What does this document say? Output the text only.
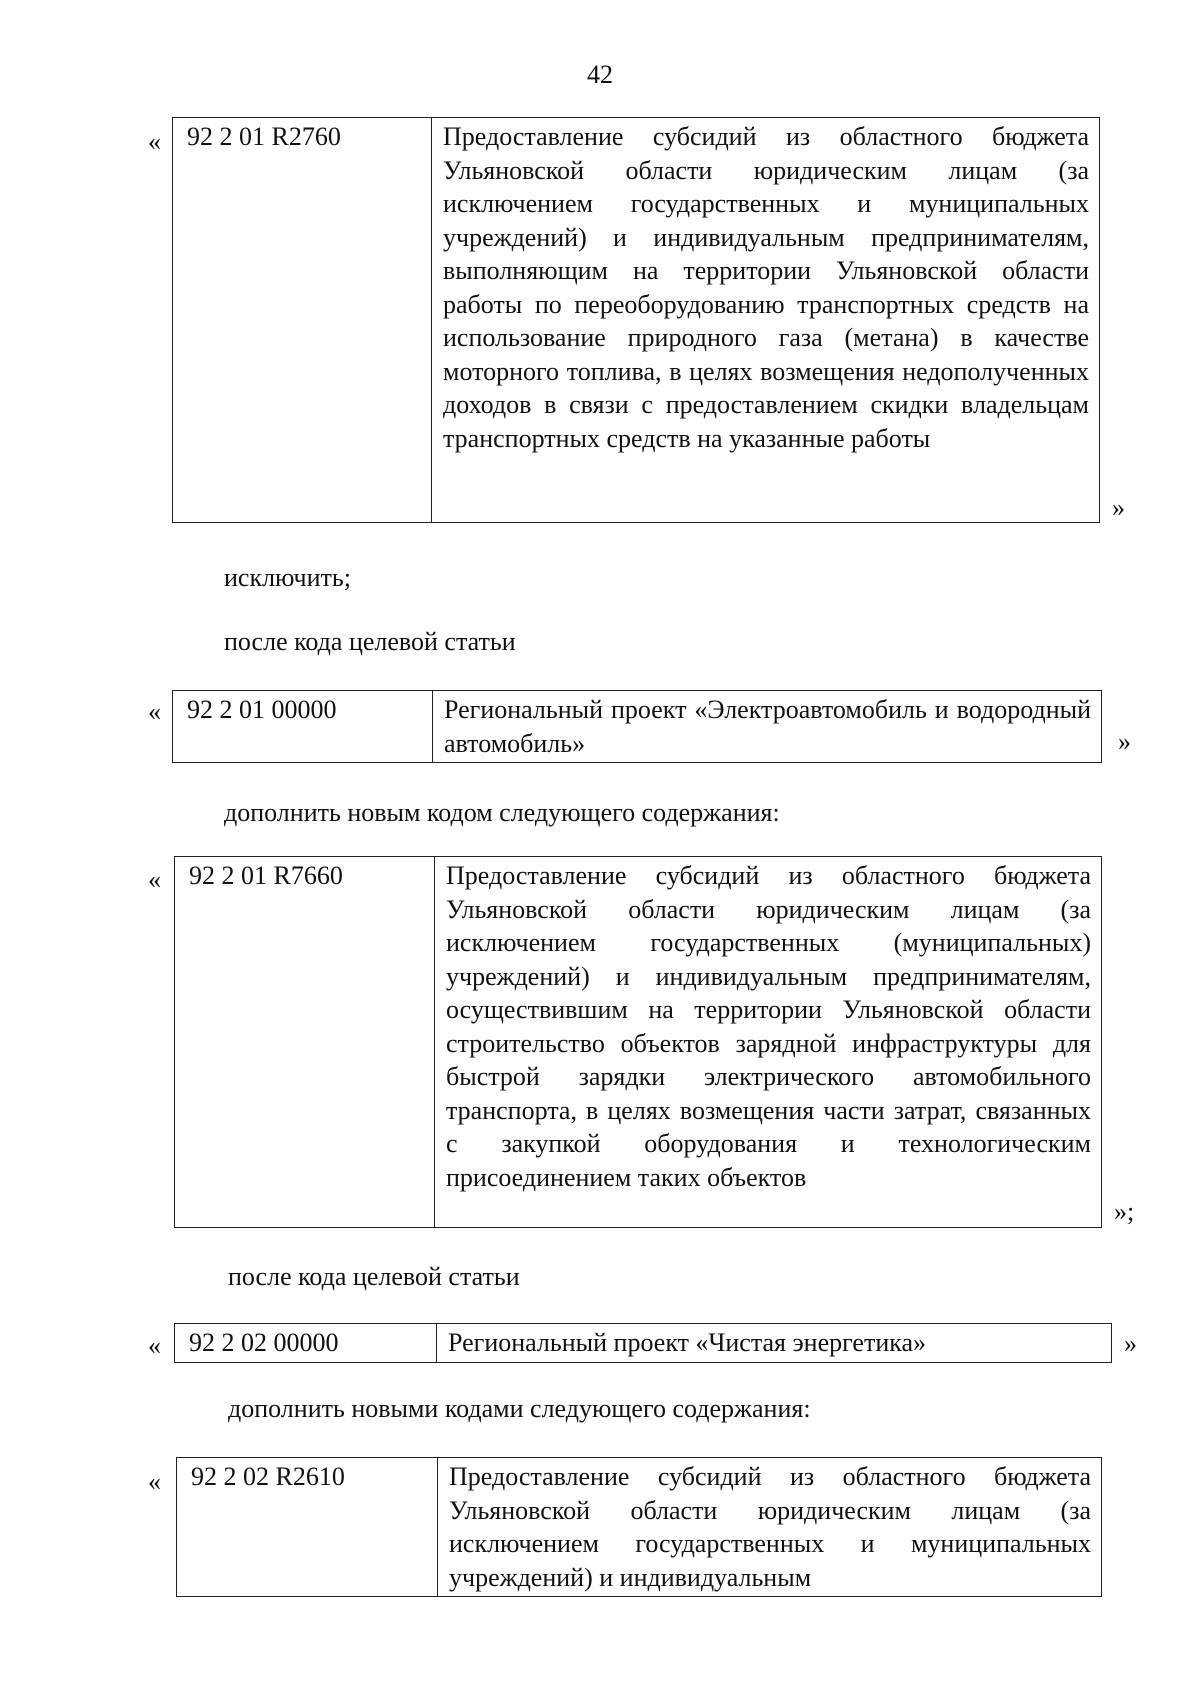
42
« 92 2 01 R2760	Предоставление субсидий из областного бюджета Ульяновской области юридическим лицам (за исключением государственных и муниципальных учреждений) и индивидуальным предпринимателям, выполняющим на территории Ульяновской области работы по переоборудованию транспортных средств на использование природного газа (метана) в качестве моторного топлива, в целях возмещения недополученных доходов в связи с предоставлением скидки владельцам транспортных средств на указанные работы
»
исключить;
после кода целевой статьи
« 92 2 01 00000	Региональный проект «Электроавтомобиль и водородный автомобиль»	»
дополнить новым кодом следующего содержания:
« 92 2 01 R7660	Предоставление субсидий из областного бюджета Ульяновской области юридическим лицам (за исключением государственных (муниципальных) учреждений) и индивидуальным предпринимателям, осуществившим на территории Ульяновской области строительство объектов зарядной инфраструктуры для быстрой зарядки электрического автомобильного транспорта, в целях возмещения части затрат, связанных с закупкой оборудования и технологическим присоединением таких объектов
»;
после кода целевой статьи
« 92 2 02 00000	Региональный проект «Чистая энергетика»	»
дополнить новыми кодами следующего содержания:
« 92 2 02 R2610	Предоставление субсидий из областного бюджета Ульяновской области юридическим лицам (за исключением государственных и муниципальных учреждений) и индивидуальным
